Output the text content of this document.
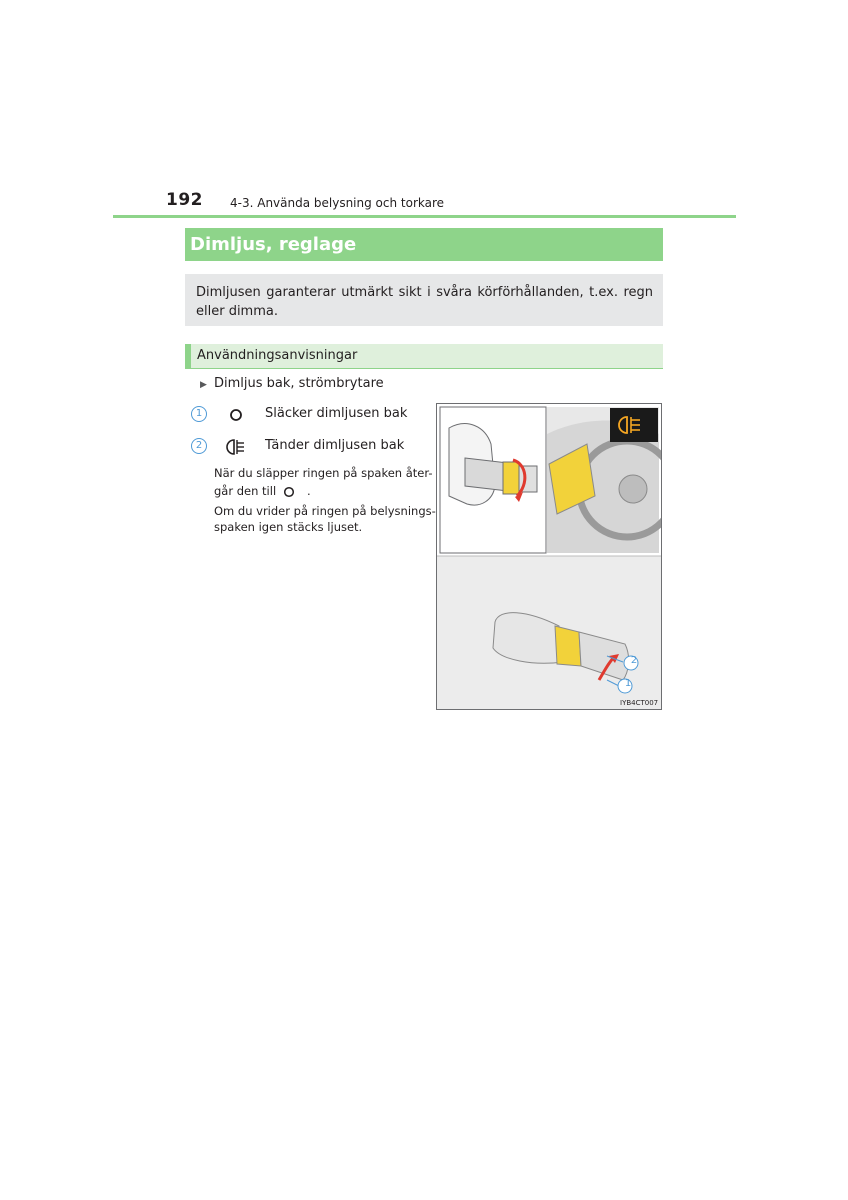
192 4-3. Använda belysning och torkare
Dimljus, reglage
Dimljusen garanterar utmärkt sikt i svåra körförhållanden, t.ex. regn eller dimma.
Användningsanvisningar
▶ Dimljus bak, strömbrytare
1	Släcker dimljusen bak
2	Tänder dimljusen bak
När du släpper ringen på spaken åter-
går den till	.
Om du vrider på ringen på belysnings-
spaken igen stäcks ljuset.
2
1
IYB4CT007
